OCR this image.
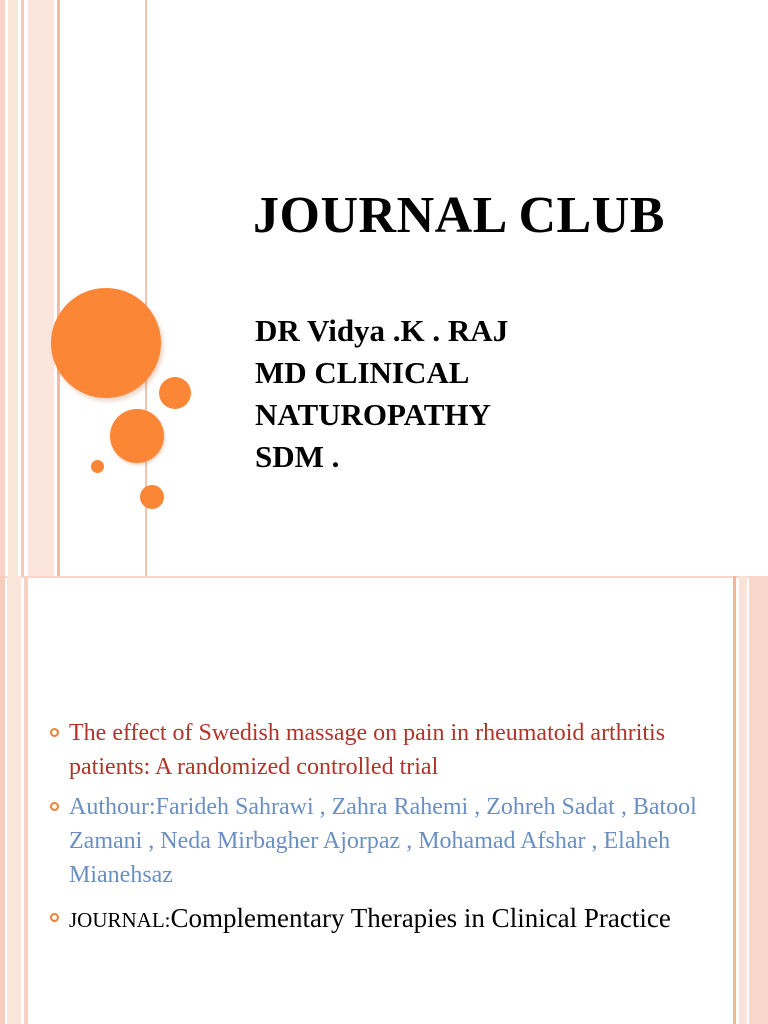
JOURNAL CLUB
DR Vidya .K . RAJ
MD CLINICAL
NATUROPATHY
SDM .
The effect of Swedish massage on pain in rheumatoid arthritis patients: A randomized controlled trial
Authour:Farideh Sahrawi , Zahra Rahemi , Zohreh Sadat , Batool Zamani , Neda Mirbagher Ajorpaz , Mohamad Afshar , Elaheh Mianehsaz
JOURNAL:Complementary Therapies in Clinical Practice
